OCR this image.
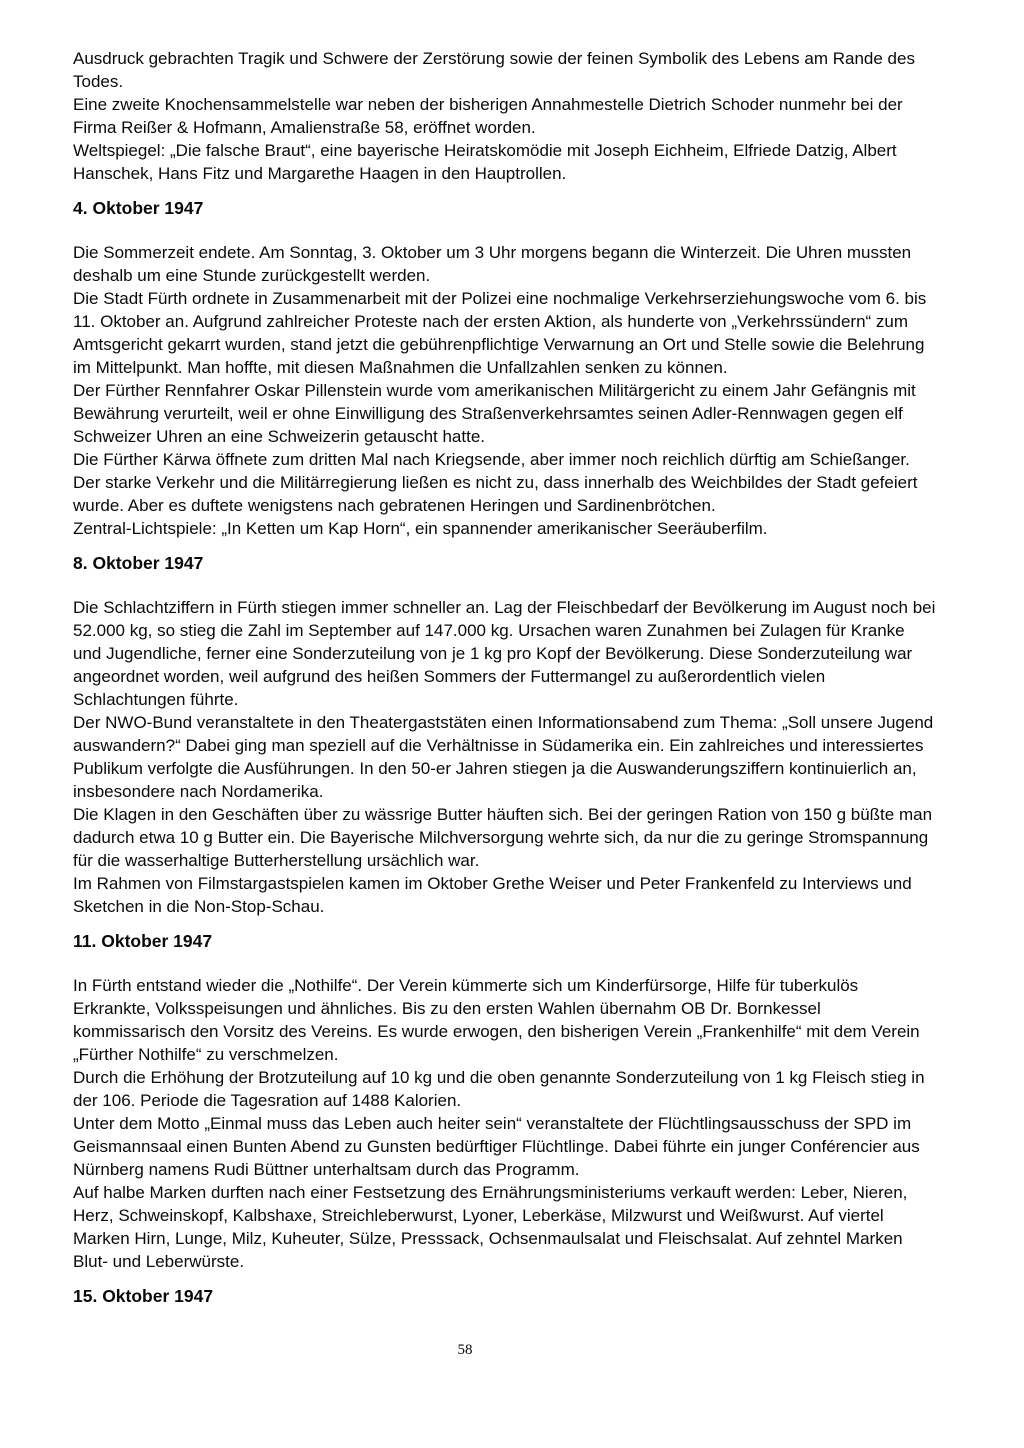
Ausdruck gebrachten Tragik und Schwere der Zerstörung sowie der feinen Symbolik des Lebens am Rande des Todes.

Eine zweite Knochensammelstelle war neben der bisherigen Annahmestelle Dietrich Schoder nunmehr bei der Firma Reißer & Hofmann, Amalienstraße 58, eröffnet worden.

Weltspiegel: „Die falsche Braut“, eine bayerische Heiratskomödie mit Joseph Eichheim, Elfriede Datzig, Albert Hanschek, Hans Fitz und Margarethe Haagen in den Hauptrollen.

4. Oktober 1947

Die Sommerzeit endete. Am Sonntag, 3. Oktober um 3 Uhr morgens begann die Winterzeit. Die Uhren mussten deshalb um eine Stunde zurückgestellt werden.

Die Stadt Fürth ordnete in Zusammenarbeit mit der Polizei eine nochmalige Verkehrserziehungswoche vom 6. bis 11. Oktober an. Aufgrund zahlreicher Proteste nach der ersten Aktion, als hunderte von „Verkehrssündern“ zum Amtsgericht gekarrt wurden, stand jetzt die gebührenpflichtige Verwarnung an Ort und Stelle sowie die Belehrung im Mittelpunkt. Man hoffte, mit diesen Maßnahmen die Unfallzahlen senken zu können.

Der Fürther Rennfahrer Oskar Pillenstein wurde vom amerikanischen Militärgericht zu einem Jahr Gefängnis mit Bewährung verurteilt, weil er ohne Einwilligung des Straßenverkehrsamtes seinen Adler-Rennwagen gegen elf Schweizer Uhren an eine Schweizerin getauscht hatte.

Die Fürther Kärwa öffnete zum dritten Mal nach Kriegsende, aber immer noch reichlich dürftig am Schießanger. Der starke Verkehr und die Militärregierung ließen es nicht zu, dass innerhalb des Weichbildes der Stadt gefeiert wurde. Aber es duftete wenigstens nach gebratenen Heringen und Sardinenbrötchen.

Zentral-Lichtspiele: „In Ketten um Kap Horn“, ein spannender amerikanischer Seeräuberfilm.

8. Oktober 1947

Die Schlachtziffern in Fürth stiegen immer schneller an. Lag der Fleischbedarf der Bevölkerung im August noch bei 52.000 kg, so stieg die Zahl im September auf 147.000 kg. Ursachen waren Zunahmen bei Zulagen für Kranke und Jugendliche, ferner eine Sonderzuteilung von je 1 kg pro Kopf der Bevölkerung. Diese Sonderzuteilung war angeordnet worden, weil aufgrund des heißen Sommers der Futtermangel zu außerordentlich vielen Schlachtungen führte.

Der NWO-Bund veranstaltete in den Theatergaststäten einen Informationsabend zum Thema: „Soll unsere Jugend auswandern?“ Dabei ging man speziell auf die Verhältnisse in Südamerika ein. Ein zahlreiches und interessiertes Publikum verfolgte die Ausführungen. In den 50-er Jahren stiegen ja die Auswanderungsziffern kontinuierlich an, insbesondere nach Nordamerika.

Die Klagen in den Geschäften über zu wässrige Butter häuften sich. Bei der geringen Ration von 150 g büßte man dadurch etwa 10 g Butter ein. Die Bayerische Milchversorgung wehrte sich, da nur die zu geringe Stromspannung für die wasserhaltige Butterherstellung ursächlich war.

Im Rahmen von Filmstargastspielen kamen im Oktober Grethe Weiser und Peter Frankenfeld zu Interviews und Sketchen in die Non-Stop-Schau.

11. Oktober 1947

In Fürth entstand wieder die „Nothilfe“. Der Verein kümmerte sich um Kinderfürsorge, Hilfe für tuberkulös Erkrankte, Volksspeisungen und ähnliches. Bis zu den ersten Wahlen übernahm OB Dr. Bornkessel kommissarisch den Vorsitz des Vereins. Es wurde erwogen, den bisherigen Verein „Frankenhilfe“ mit dem Verein „Fürther Nothilfe“ zu verschmelzen.

Durch die Erhöhung der Brotzuteilung auf 10 kg und die oben genannte Sonderzuteilung von 1 kg Fleisch stieg in der 106. Periode die Tagesration auf 1488 Kalorien.

Unter dem Motto „Einmal muss das Leben auch heiter sein“ veranstaltete der Flüchtlingsausschuss der SPD im Geismannsaal einen Bunten Abend zu Gunsten bedürftiger Flüchtlinge. Dabei führte ein junger Conférencier aus Nürnberg namens Rudi Büttner unterhaltsam durch das Programm.

Auf halbe Marken durften nach einer Festsetzung des Ernährungsministeriums verkauft werden: Leber, Nieren, Herz, Schweinskopf, Kalbshaxe, Streichleberwurst, Lyoner, Leberkäse, Milzwurst und Weißwurst. Auf viertel Marken Hirn, Lunge, Milz, Kuheuter, Sülze, Presssack, Ochsenmaulsalat und Fleischsalat. Auf zehntel Marken Blut- und Leberwürste.

15. Oktober 1947
58
